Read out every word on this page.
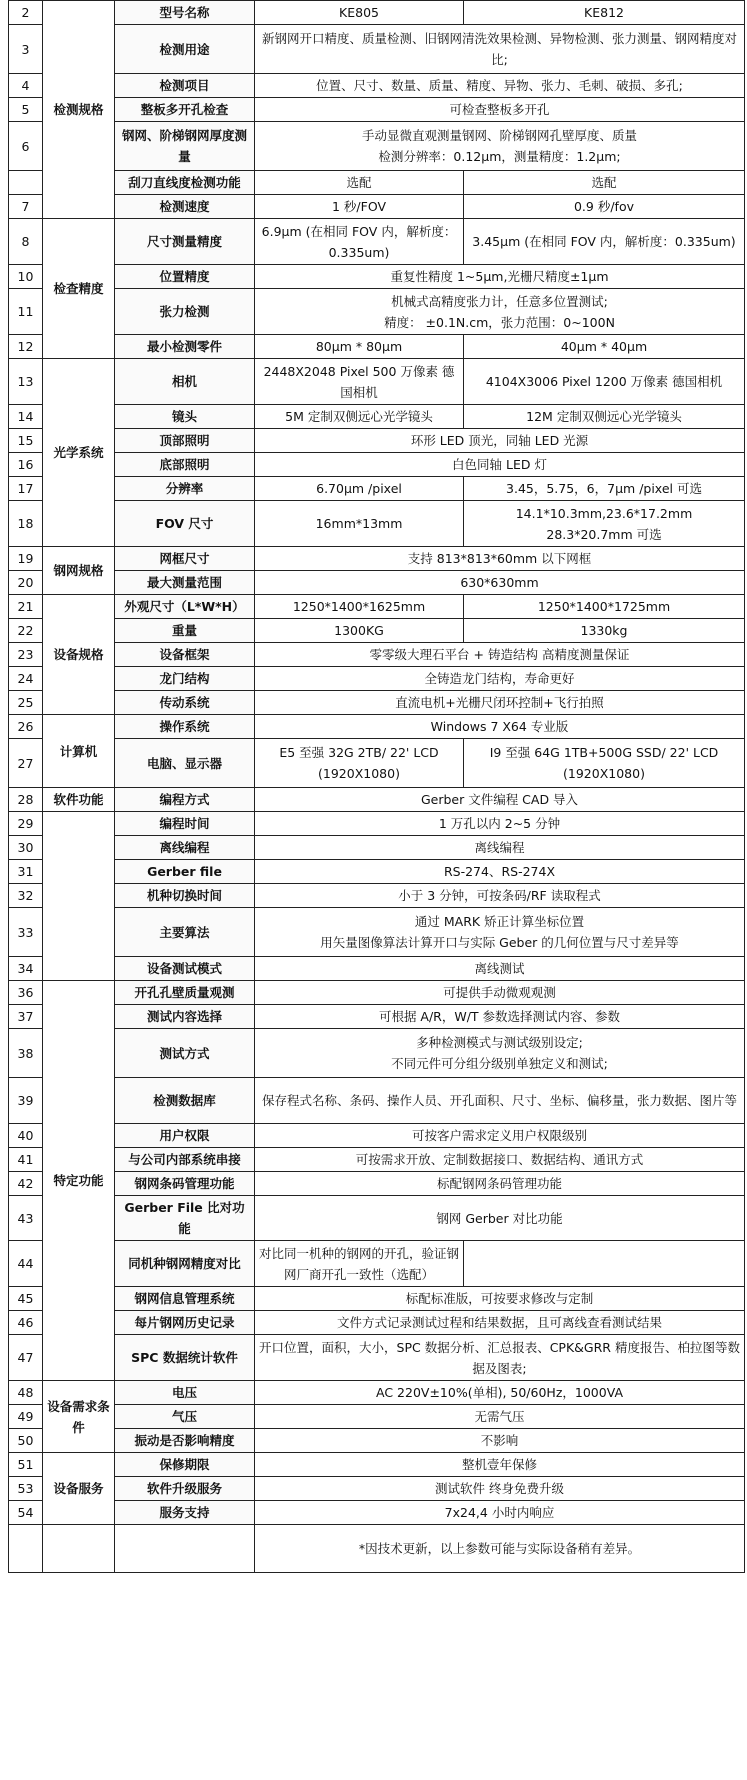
2	检测规格	型号名称	KE805	KE812
3		检测用途	新钢网开口精度、质量检测、旧钢网清洗效果检测、异物检测、张力测量、钢网精度对比;	
4		检测项目	位置、尺寸、数量、质量、精度、异物、张力、毛刺、破损、多孔;	
5		整板多开孔检查	可检查整板多开孔	
6		钢网、阶梯钢网厚度测量	手动显微直观测量钢网、阶梯钢网孔壁厚度、质量
检测分辨率：0.12μm，测量精度：1.2μm;	
		刮刀直线度检测功能	选配	选配
7		检测速度	1 秒/FOV	0.9 秒/fov
8	检查精度	尺寸测量精度	6.9μm (在相同 FOV 内，解析度：0.335um)	3.45μm (在相同 FOV 内，解析度：0.335um)
10		位置精度	重复性精度 1~5μm,光栅尺精度±1μm	
11		张力检测	机械式高精度张力计，任意多位置测试;
精度： ±0.1N.cm，张力范围：0~100N	
12		最小检测零件	80μm * 80μm	40μm * 40μm
13	光学系统	相机	2448X2048 Pixel 500 万像素 德国相机	4104X3006 Pixel 1200 万像素 德国相机
14		镜头	5M 定制双侧远心光学镜头	12M 定制双侧远心光学镜头
15		顶部照明	环形 LED 顶光，同轴 LED 光源	
16		底部照明	白色同轴 LED 灯	
17		分辨率	6.70μm /pixel	3.45，5.75，6，7μm /pixel 可选
18		FOV 尺寸	16mm*13mm	14.1*10.3mm,23.6*17.2mm
28.3*20.7mm 可选
19	钢网规格	网框尺寸	支持 813*813*60mm 以下网框	
20		最大测量范围	630*630mm	
21	设备规格	外观尺寸（L*W*H）	1250*1400*1625mm	1250*1400*1725mm
22		重量	1300KG	1330kg
23		设备框架	零零级大理石平台 + 铸造结构 高精度测量保证	
24		龙门结构	全铸造龙门结构，寿命更好	
25		传动系统	直流电机+光栅尺闭环控制+飞行拍照	
26	计算机	操作系统	Windows 7 X64 专业版	
27		电脑、显示器	E5 至强 32G 2TB/ 22' LCD (1920X1080)	I9 至强 64G 1TB+500G SSD/ 22' LCD (1920X1080)
28	软件功能	编程方式	Gerber 文件编程 CAD 导入	
29		编程时间	1 万孔以内 2~5 分钟	
30		离线编程	离线编程	
31		Gerber file	RS-274、RS-274X	
32		机种切换时间	小于 3 分钟，可按条码/RF 读取程式	
33		主要算法	通过 MARK 矫正计算坐标位置
用矢量图像算法计算开口与实际 Geber 的几何位置与尺寸差异等	
34		设备测试模式	离线测试	
36	特定功能	开孔孔壁质量观测	可提供手动微观观测	
37		测试内容选择	可根据 A/R，W/T 参数选择测试内容、参数	
38		测试方式	多种检测模式与测试级别设定;
不同元件可分组分级别单独定义和测试;	
39		检测数据库	保存程式名称、条码、操作人员、开孔面积、尺寸、坐标、偏移量，张力数据、图片等	
40		用户权限	可按客户需求定义用户权限级别	
41		与公司内部系统串接	可按需求开放、定制数据接口、数据结构、通讯方式	
42		钢网条码管理功能	标配钢网条码管理功能	
43		Gerber File 比对功能	钢网 Gerber 对比功能	
44		同机种钢网精度对比	对比同一机种的钢网的开孔，验证钢网厂商开孔一致性（选配）	
45		钢网信息管理系统	标配标准版，可按要求修改与定制	
46		每片钢网历史记录	文件方式记录测试过程和结果数据，且可离线查看测试结果	
47		SPC 数据统计软件	开口位置，面积，大小，SPC 数据分析、汇总报表、CPK&GRR 精度报告、柏拉图等数据及图表;	
48	设备需求条件	电压	AC 220V±10%(单相), 50/60Hz，1000VA	
49		气压	无需气压	
50		振动是否影响精度	不影响	
51	设备服务	保修期限	整机壹年保修	
53		软件升级服务	测试软件 终身免费升级	
54		服务支持	7x24,4 小时内响应	
			*因技术更新，以上参数可能与实际设备稍有差异。	
